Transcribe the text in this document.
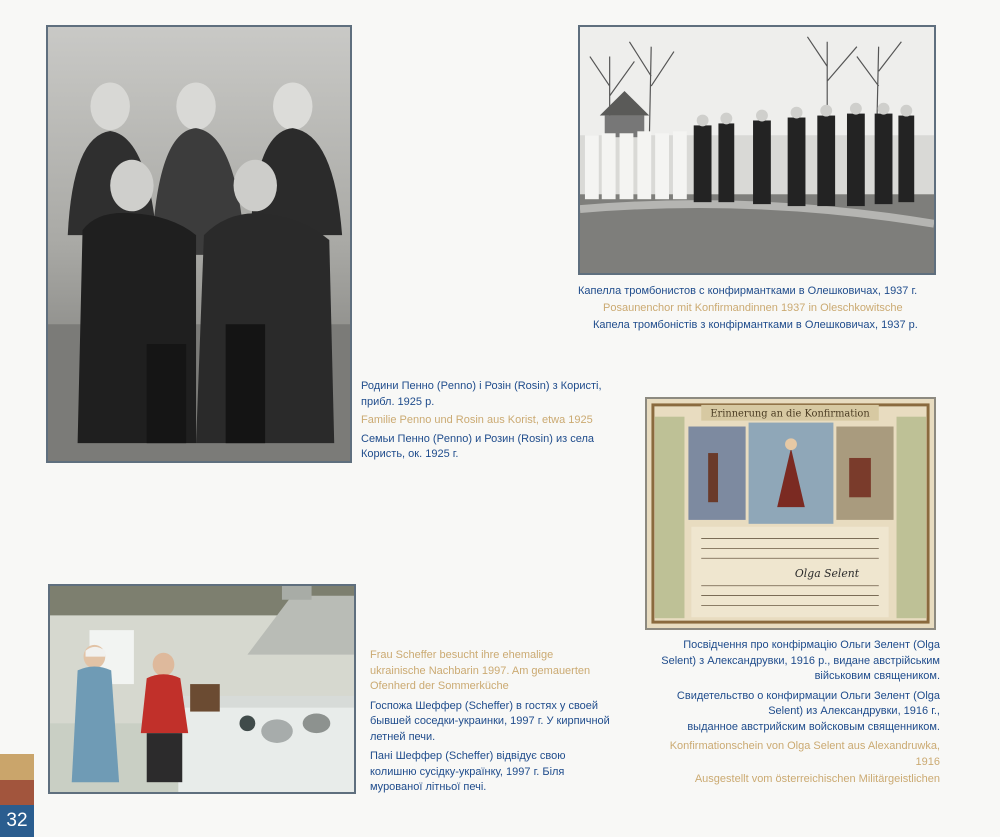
Капелла тромбонистов с конфирмантками в Олешковичах, 1937 г.

Posaunenchor mit Konfirmandinnen 1937 in Oleschkowitsche

Капела тромбоністів з конфірмантками в Олешковичах, 1937 р.

Родини Пенно (Penno) і Розін (Rosin) з Користі,

прибл. 1925 р.

Familie Penno und Rosin aus Korist, etwa 1925

Семьи Пенно (Penno) и Розин (Rosin) из села

Користь, ок. 1925 г.

Erinnerung an die Konfirmation
Olga Selent

Посвідчення про конфірмацію Ольги Зелент (Olga

Selent) з Александрувки, 1916 р., видане австрійським

військовим священиком.

Свидетельство о конфирмации Ольги Зелент (Olga

Selent) из Александрувки, 1916 г.,

выданное австрийским войсковым священником.

Konfirmationschein von Olga Selent aus Alexandruwka,

1916

Ausgestellt vom österreichischen Militärgeistlichen

Frau Scheffer besucht ihre ehemalige

ukrainische Nachbarin 1997. Am gemauerten

Ofenherd der Sommerküche

Госпожа Шеффер (Scheffer) в гостях у своей

бывшей соседки-украинки, 1997 г. У кирпичной

летней печи.

Пані Шеффер (Scheffer) відвідує свою

колишню сусідку-українку, 1997 г. Біля

мурованої літньої печі.

32
